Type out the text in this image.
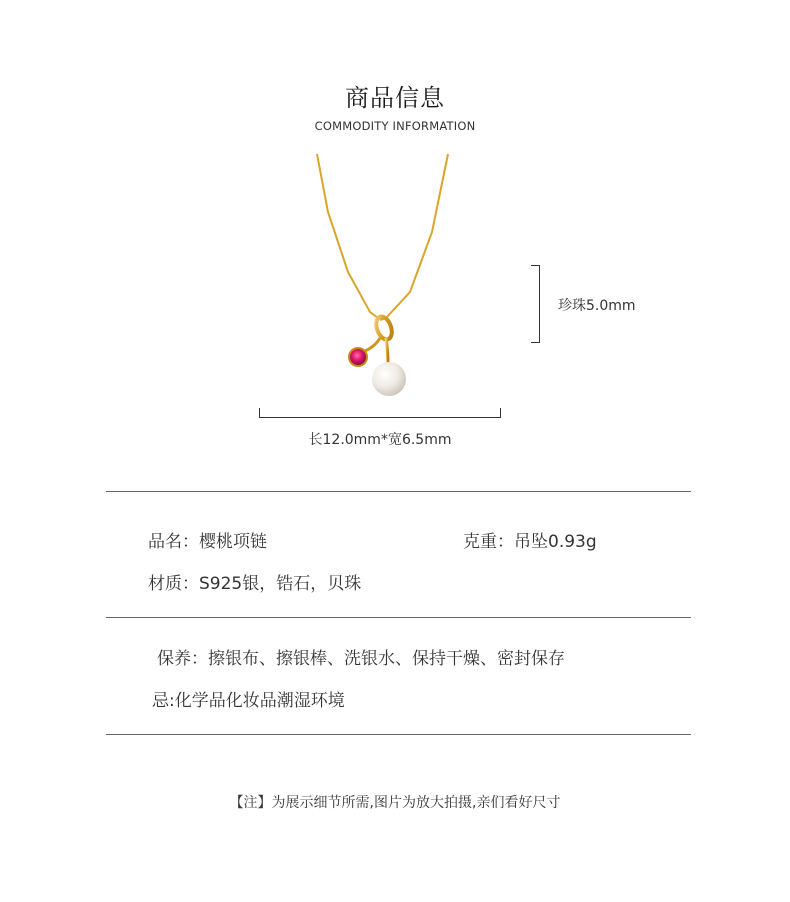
商品信息
COMMODITY INFORMATION
珍珠5.0mm
长12.0mm*宽6.5mm
品名：樱桃项链	克重：吊坠0.93g
材质：S925银，锆石，贝珠
保养：擦银布、擦银棒、洗银水、保持干燥、密封保存
忌:化学品化妆品潮湿环境
【注】为展示细节所需,图片为放大拍摄,亲们看好尺寸
